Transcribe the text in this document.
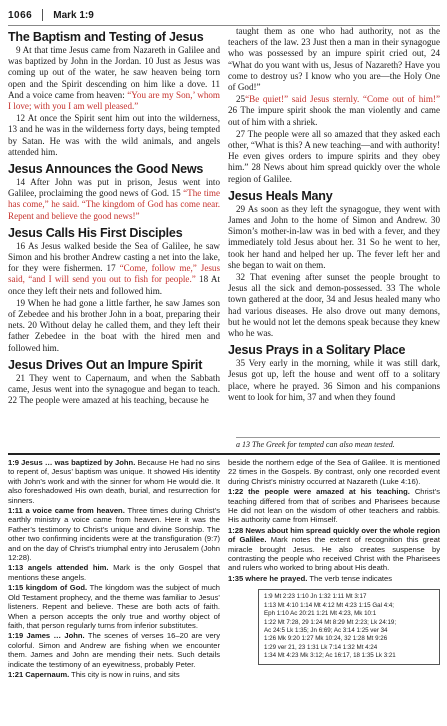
1066 Mark 1:9
The Baptism and Testing of Jesus

9 At that time Jesus came from Nazareth in Galilee and was baptized by John in the Jordan. 10 Just as Jesus was coming up out of the water, he saw heaven being torn open and the Spirit descending on him like a dove. 11 And a voice came from heaven: “You are my Son,’ whom I love; with you I am well pleased.”

12 At once the Spirit sent him out into the wilderness, 13 and he was in the wilderness forty days, being tempted by Satan. He was with the wild animals, and angels attended him.

Jesus Announces the Good News

14 After John was put in prison, Jesus went into Galilee, proclaiming the good news of God. 15 “The time has come,” he said. “The kingdom of God has come near. Repent and believe the good news!”

Jesus Calls His First Disciples

16 As Jesus walked beside the Sea of Galilee, he saw Simon and his brother Andrew casting a net into the lake, for they were fishermen. 17 “Come, follow me,” Jesus said, “and I will send you out to fish for people.” 18 At once they left their nets and followed him.

19 When he had gone a little farther, he saw James son of Zebedee and his brother John in a boat, preparing their nets. 20 Without delay he called them, and they left their father Zebedee in the boat with the hired men and followed him.

Jesus Drives Out an Impure Spirit

21 They went to Capernaum, and when the Sabbath came, Jesus went into the synagogue and began to teach. 22 The people were amazed at his teaching, because he

taught them as one who had authority, not as the teachers of the law. 23 Just then a man in their synagogue who was possessed by an impure spirit cried out, 24 “What do you want with us, Jesus of Nazareth? Have you come to destroy us? I know who you are—the Holy One of God!”

25“Be quiet!” said Jesus sternly. “Come out of him!” 26 The impure spirit shook the man violently and came out of him with a shriek.

27 The people were all so amazed that they asked each other, “What is this? A new teaching—and with authority! He even gives orders to impure spirits and they obey him.” 28 News about him spread quickly over the whole region of Galilee.

Jesus Heals Many

29 As soon as they left the synagogue, they went with James and John to the home of Simon and Andrew. 30 Simon’s mother-in-law was in bed with a fever, and they immediately told Jesus about her. 31 So he went to her, took her hand and helped her up. The fever left her and she began to wait on them.

32 That evening after sunset the people brought to Jesus all the sick and demon-possessed. 33 The whole town gathered at the door, 34 and Jesus healed many who had various diseases. He also drove out many demons, but he would not let the demons speak because they knew who he was.

Jesus Prays in a Solitary Place

35 Very early in the morning, while it was still dark, Jesus got up, left the house and went off to a solitary place, where he prayed. 36 Simon and his companions went to look for him, 37 and when they found

a 13 The Greek for tempted can also mean tested.

1:9 Jesus … was baptized by John. Because He had no sins to repent of, Jesus’ baptism was unique. It showed His identity with John’s work and with the sinner for whom He would die. It also foreshadowed His own death, burial, and resurrection for sinners.

1:11 a voice came from heaven. Three times during Christ’s earthly ministry a voice came from heaven. Here it was the Father’s testimony to Christ’s unique and divine Sonship. The other two confirming incidents were at the transfiguration (9:7) and on the day of Christ’s triumphal entry into Jerusalem (John 12:28).

1:13 angels attended him. Mark is the only Gospel that mentions these angels.

1:15 kingdom of God. The kingdom was the subject of much Old Testament prophecy, and the theme was familiar to Jesus’ listeners. Repent and believe. These are both acts of faith. When a person accepts the only true and worthy object of faith, that person regularly turns from inferior substitutes.

1:19 James … John. The scenes of verses 16–20 are very colorful. Simon and Andrew are fishing when we encounter them. James and John are mending their nets. Such details indicate the testimony of an eyewitness, probably Peter.

1:21 Capernaum. This city is now in ruins, and sits

beside the northern edge of the Sea of Galilee. It is mentioned 22 times in the Gospels. By contrast, only one recorded event during Christ’s ministry occurred at Nazareth (Luke 4:16).

1:22 the people were amazed at his teaching. Christ’s teaching differed from that of scribes and Pharisees because He did not lean on the wisdom of other teachers and rabbis. His authority came from Himself.

1:28 News about him spread quickly over the whole region of Galilee. Mark notes the extent of recognition this great miracle brought Jesus. He also creates suspense by contrasting the people who received Christ with the Pharisees and rulers who worked to bring about His death.

1:35 where he prayed. The verb tense indicates

1:9 Mt 2:23 1:10 Jn 1:32 1:11 Mt 3:17
1:13 Mt 4:10 1:14 Mt 4:12 Mt 4:23 1:15 Gal 4:4;
Eph 1:10 Ac 20:21 1:21 Mt 4:23, Mk 10:1
1:22 Mt 7:28, 29 1:24 Mt 8:29 Mt 2:23; Lk 24:19;
Ac 24:5 Lk 1:35; Jn 6:69; Ac 3:14 1:25 ver 34
1:26 Mk 9:20 1:27 Mk 10:24, 32 1:28 Mt 9:26
1:29 ver 21, 23 1:31 Lk 7:14 1:32 Mt 4:24
1:34 Mt 4:23 Mk 3:12; Ac 16:17, 18 1:35 Lk 3:21
